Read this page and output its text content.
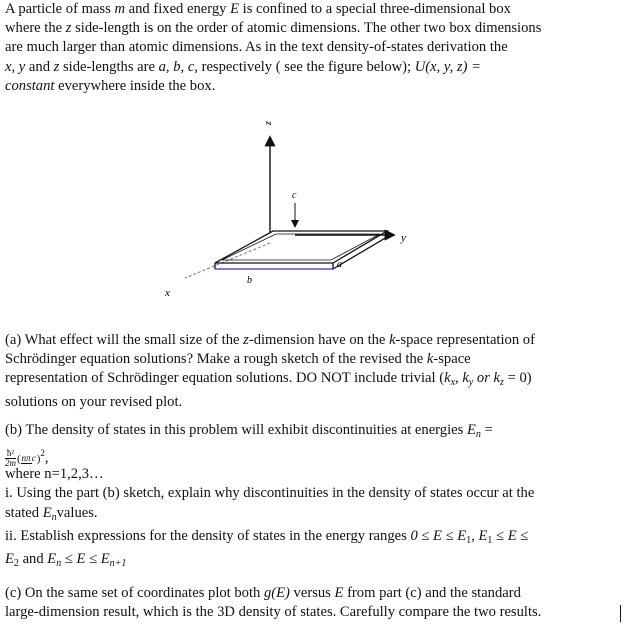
A particle of mass m and fixed energy E is confined to a special three-dimensional box
where the z side-length is on the order of atomic dimensions. The other two box dimensions
are much larger than atomic dimensions. As in the text density-of-states derivation the
x, y and z side-lengths are a, b, c, respectively ( see the figure below); U(x, y, z) =
constant everywhere inside the box.
z
y
x
c
a
b
(a) What effect will the small size of the z-dimension have on the k-space representation of
Schrödinger equation solutions? Make a rough sketch of the revised the k-space
representation of Schrödinger equation solutions. DO NOT include trivial ($k_x$, $k_y$ or $k_z = 0$)
solutions on your revised plot.
(b) The density of states in this problem will exhibit discontinuities at energies $E_n$ =
$\frac{\text{ħ²}}{2m}(n\pi c)^2$,
where n=1,2,3…
i. Using the part (b) sketch, explain why discontinuities in the density of states occur at the
stated $E_nvalues$.
ii. Establish expressions for the density of states in the energy ranges $0 \le E \le E_1$, $E_1 \le E$ ≤
$E_2$ and $E_n \le E \le E_{n+1}$
(c) On the same set of coordinates plot both g(E) versus E from part (c) and the standard
large-dimension result, which is the 3D density of states. Carefully compare the two results.
